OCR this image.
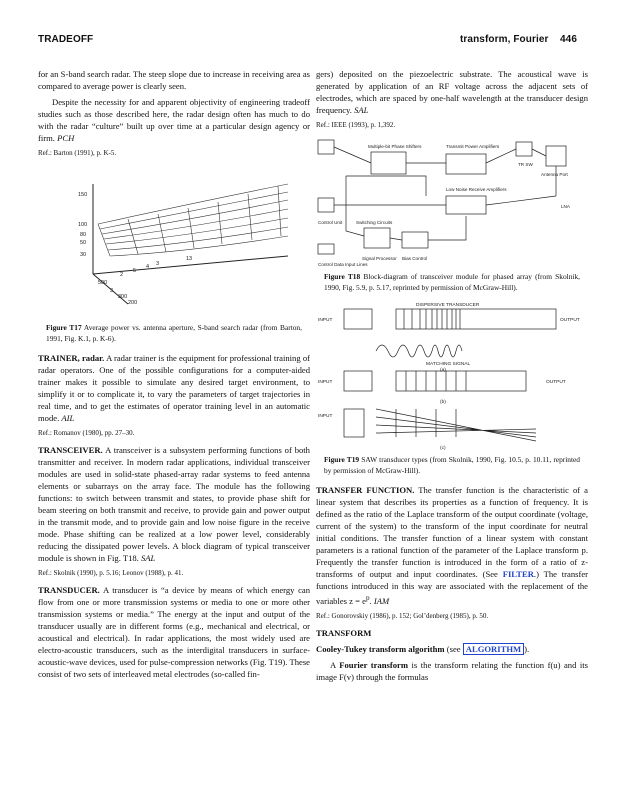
TRADEOFF	transform, Fourier 446

for an S-band search radar. The steep slope due to increase in receiving area as compared to average power is clearly seen.

Despite the necessity for and apparent objectivity of engineering tradeoff studies such as those described here, the radar design often has much to do with the radar “culture” built up over time at a particular design agency or firm. PCH

Ref.: Barton (1991), p. K-5.
150
100
80
50
30
5
4 3
2
13
500
3
300
200
Figure T17 Average power vs. antenna aperture, S-band search radar (from Barton, 1991, Fig. K.1, p. K-6).

TRAINER, radar. A radar trainer is the equipment for professional training of radar operators. One of the possible configurations for a computer-aided trainer makes it possible to simulate any desired target environment, to simplify it or to complicate it, to vary the parameters of target trajectories in real time, and to get the estimates of operator training level in an automatic mode. AIL

Ref.: Romanov (1980), pp. 27–30.

TRANSCEIVER. A transceiver is a subsystem performing functions of both transmitter and receiver. In modern radar applications, individual transceiver modules are used in solid-state phased-array radar systems to feed antenna elements or subarrays on the array face. The module has the following functions: to switch between transmit and states, to provide phase shift for beam steering on both transmit and receive, to provide gain and power output in the transmit mode, and to provide gain and low noise figure in the receive mode. Phase shifting can be realized at a low power level, considerably reducing the dissipated power levels. A block diagram of typical transceiver module is shown in Fig. T18. SAL

Ref.: Skolnik (1990), p. 5.16; Leonov (1988), p. 41.

TRANSDUCER. A transducer is “a device by means of which energy can flow from one or more transmission systems or media to one or more other transmission systems or media.” The energy at the input and output of the transducer usually are in different forms (e.g., mechanical and electrical, or acoustical and electrical). In radar applications, the most widely used are electro-acoustic transducers, such as the interdigital transducers in surface-acoustic-wave devices, used for pulse-compression networks (Fig. T19). These consist of two sets of interleaved metal electrodes (so-called fin-

gers) deposited on the piezoelectric substrate. The acoustical wave is generated by application of an RF voltage across the adjacent sets of electrodes, which are spaced by one-half wavelength at the transducer design frequency. SAL

Ref.: IEEE (1993), p. 1,392.
Transmit Power Amplifiers
Multiple-bit Phase Shifters
Low Noise Receive Amplifiers
Control Unit	Switching Circuits
Signal Processor Bias Control
Control Data Input Lines
Antenna Port
TR SW
LNA
Figure T18 Block-diagram of transceiver module for phased array (from Skolnik, 1990, Fig. 5.9, p. 5.17, reprinted by permission of McGraw-Hill).
DISPERSIVE TRANSDUCER
INPUT	OUTPUT
MATCHING SIGNAL
(a)
INPUT	OUTPUT
(b)
INPUT
(c)
Figure T19 SAW transducer types (from Skolnik, 1990, Fig. 10.5, p. 10.11, reprinted by permission of McGraw-Hill).

TRANSFER FUNCTION. The transfer function is the characteristic of a linear system that describes its properties as a function of frequency. It is defined as the ratio of the Laplace transform of the output coordinate (voltage, current of the system) to the transform of the input coordinate for neutral initial conditions. The transfer function of a linear system with constant parameters is a rational function of the parameter of the Laplace transform p. Frequently the transfer function is introduced in the form of a ratio of z-transforms of output and input coordinates. (See FILTER.) The transfer functions introduced in this way are associated with the replacement of the variables $z = e^p$. IAM

Ref.: Gonorovskiy (1986), p. 152; Gol’denberg (1985), p. 50.

TRANSFORM

Cooley-Tukey transform algorithm (see ALGORITHM ).

A Fourier transform is the transform relating the function f(u) and its image F(v) through the formulas
